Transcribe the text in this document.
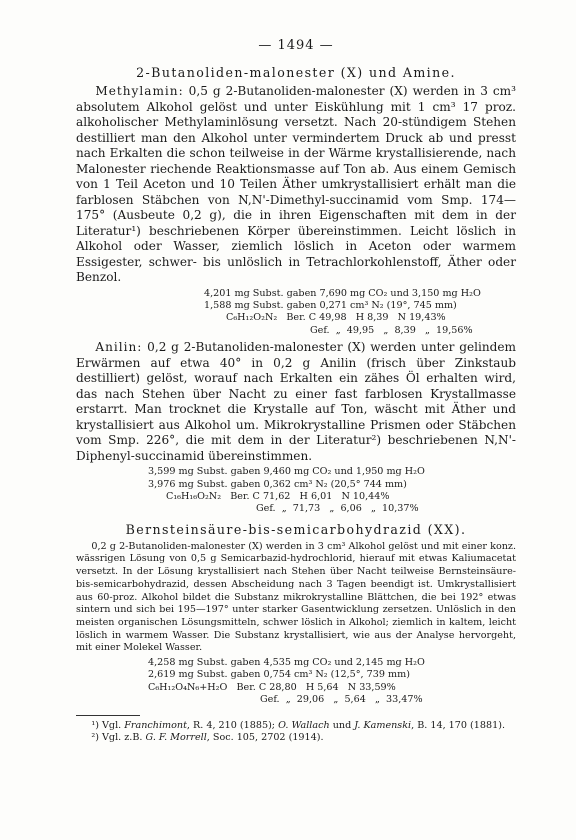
— 1494 —
2-Butanoliden-malonester (X) und Amine.

Methylamin: 0,5 g 2-Butanoliden-malonester (X) werden in 3 cm³ absolutem Alkohol gelöst und unter Eiskühlung mit 1 cm³ 17 proz. alkoholischer Methylaminlösung versetzt. Nach 20-stündigem Stehen destilliert man den Alkohol unter vermindertem Druck ab und presst nach Erkalten die schon teilweise in der Wärme krystallisierende, nach Malonester riechende Reaktionsmasse auf Ton ab. Aus einem Gemisch von 1 Teil Aceton und 10 Teilen Äther umkrystallisiert erhält man die farblosen Stäbchen von N,N'-Dimethyl-succinamid vom Smp. 174—175° (Ausbeute 0,2 g), die in ihren Eigenschaften mit dem in der Literatur¹) beschriebenen Körper übereinstimmen. Leicht löslich in Alkohol oder Wasser, ziemlich löslich in Aceton oder warmem Essigester, schwer- bis unlöslich in Tetrachlorkohlenstoff, Äther oder Benzol.

4,201 mg Subst. gaben 7,690 mg CO₂ und 3,150 mg H₂O
1,588 mg Subst. gaben 0,271 cm³ N₂ (19°, 745 mm)
C₆H₁₂O₂N₂   Ber. C 49,98   H 8,39   N 19,43%
Gef.  „  49,95   „  8,39   „  19,56%

Anilin: 0,2 g 2-Butanoliden-malonester (X) werden unter gelindem Erwärmen auf etwa 40° in 0,2 g Anilin (frisch über Zinkstaub destilliert) gelöst, worauf nach Erkalten ein zähes Öl erhalten wird, das nach Stehen über Nacht zu einer fast farblosen Krystallmasse erstarrt. Man trocknet die Krystalle auf Ton, wäscht mit Äther und krystallisiert aus Alkohol um. Mikrokrystalline Prismen oder Stäbchen vom Smp. 226°, die mit dem in der Literatur²) beschriebenen N,N'-Diphenyl-succinamid übereinstimmen.

3,599 mg Subst. gaben 9,460 mg CO₂ und 1,950 mg H₂O
3,976 mg Subst. gaben 0,362 cm³ N₂ (20,5° 744 mm)
C₁₆H₁₆O₂N₂   Ber. C 71,62   H 6,01   N 10,44%
Gef.  „  71,73   „  6,06   „  10,37%
Bernsteinsäure-bis-semicarbohydrazid (XX).

0,2 g 2-Butanoliden-malonester (X) werden in 3 cm³ Alkohol gelöst und mit einer konz. wässrigen Lösung von 0,5 g Semicarbazid-hydrochlorid, hierauf mit etwas Kaliumacetat versetzt. In der Lösung krystallisiert nach Stehen über Nacht teilweise Bernsteinsäure-bis-semicarbohydrazid, dessen Abscheidung nach 3 Tagen beendigt ist. Umkrystallisiert aus 60-proz. Alkohol bildet die Substanz mikrokrystalline Blättchen, die bei 192° etwas sintern und sich bei 195—197° unter starker Gasentwicklung zersetzen. Unlöslich in den meisten organischen Lösungsmitteln, schwer löslich in Alkohol; ziemlich in kaltem, leicht löslich in warmem Wasser. Die Substanz krystallisiert, wie aus der Analyse hervorgeht, mit einer Molekel Wasser.

4,258 mg Subst. gaben 4,535 mg CO₂ und 2,145 mg H₂O
2,619 mg Subst. gaben 0,754 cm³ N₂ (12,5°, 739 mm)
C₆H₁₂O₄N₆+H₂O   Ber. C 28,80   H 5,64   N 33,59%
Gef.  „  29,06   „  5,64   „  33,47%

¹) Vgl. Franchimont, R. 4, 210 (1885); O. Wallach und J. Kamenski, B. 14, 170 (1881).

²) Vgl. z.B. G. F. Morrell, Soc. 105, 2702 (1914).
